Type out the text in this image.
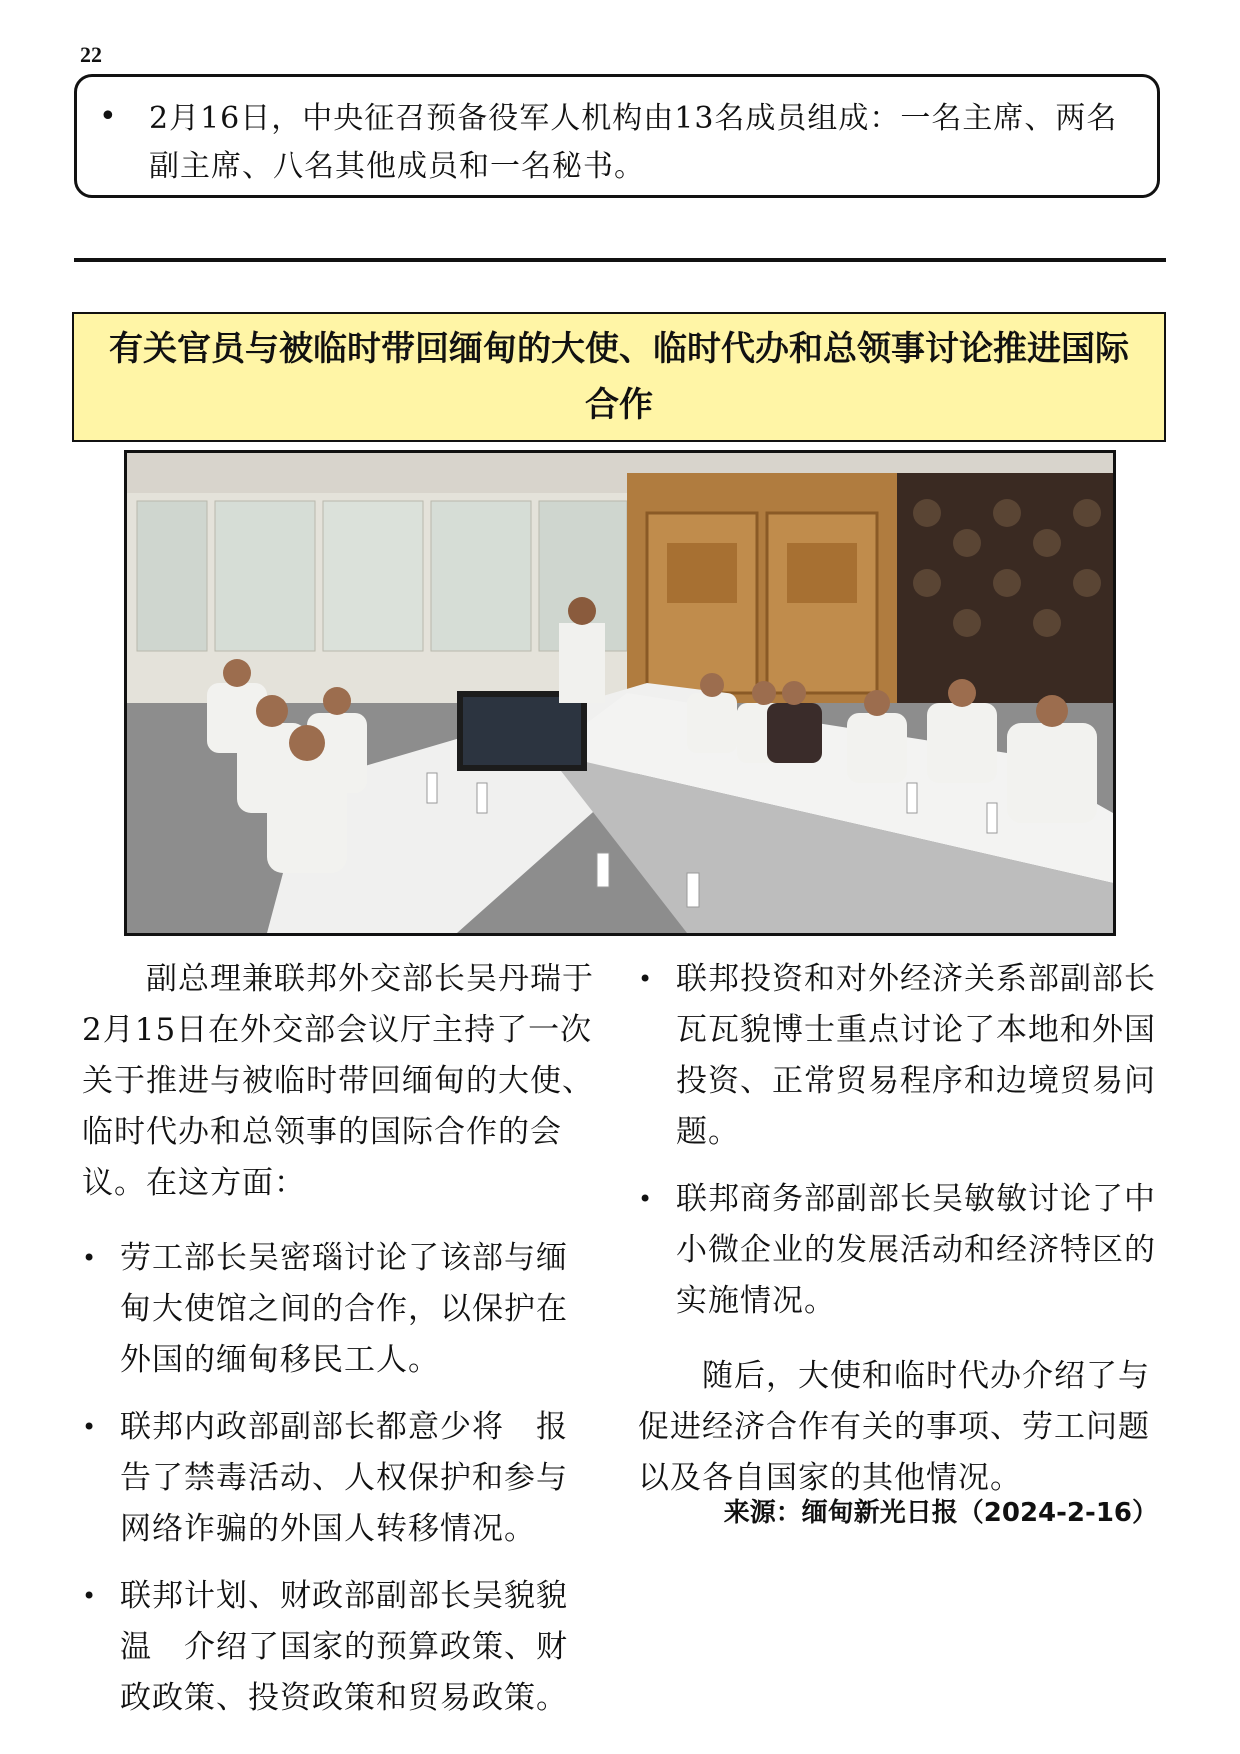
22
• 2月16日，中央征召预备役军人机构由13名成员组成：一名主席、两名副主席、八名其他成员和一名秘书。
有关官员与被临时带回缅甸的大使、临时代办和总领事讨论推进国际合作

副总理兼联邦外交部长吴丹瑞于2月15日在外交部会议厅主持了一次关于推进与被临时带回缅甸的大使、临时代办和总领事的国际合作的会议。在这方面：

• 劳工部长吴密瑙讨论了该部与缅甸大使馆之间的合作，以保护在外国的缅甸移民工人。

• 联邦内政部副部长都意少将　报告了禁毒活动、人权保护和参与网络诈骗的外国人转移情况。

• 联邦计划、财政部副部长吴貌貌温　介绍了国家的预算政策、财政政策、投资政策和贸易政策。

• 联邦投资和对外经济关系部副部长瓦瓦貌博士重点讨论了本地和外国投资、正常贸易程序和边境贸易问题。

• 联邦商务部副部长吴敏敏讨论了中小微企业的发展活动和经济特区的实施情况。

随后，大使和临时代办介绍了与促进经济合作有关的事项、劳工问题以及各自国家的其他情况。

来源：缅甸新光日报（2024-2-16）
